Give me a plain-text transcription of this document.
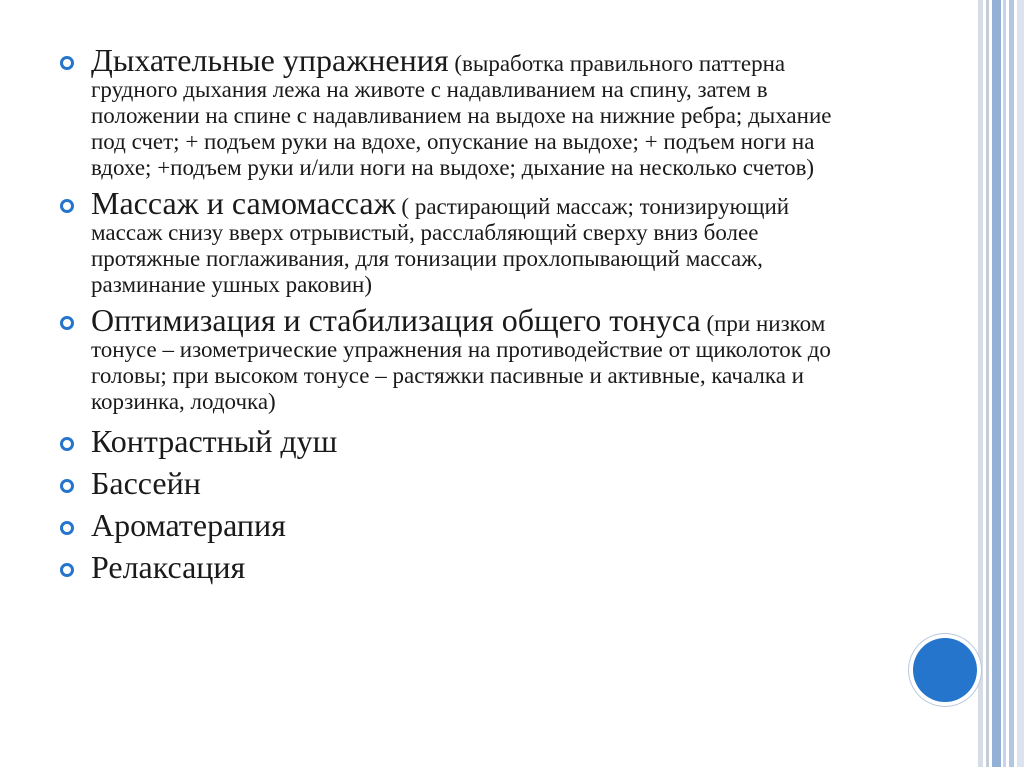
Дыхательные упражнения (выработка правильного паттерна грудного дыхания лежа на животе с надавливанием на спину, затем в положении на спине с надавливанием на выдохе на нижние ребра; дыхание под счет; + подъем руки на вдохе, опускание на выдохе; + подъем ноги на вдохе; +подъем руки и/или ноги на выдохе; дыхание на несколько счетов)

Массаж и самомассаж ( растирающий массаж; тонизирующий массаж снизу вверх отрывистый, расслабляющий сверху вниз более протяжные поглаживания, для тонизации прохлопывающий массаж, разминание ушных раковин)

Оптимизация и стабилизация общего тонуса (при низком тонусе – изометрические упражнения на противодействие от щиколоток до головы; при высоком тонусе – растяжки пасивные и активные, качалка и корзинка, лодочка)

Контрастный душ

Бассейн

Ароматерапия

Релаксация
